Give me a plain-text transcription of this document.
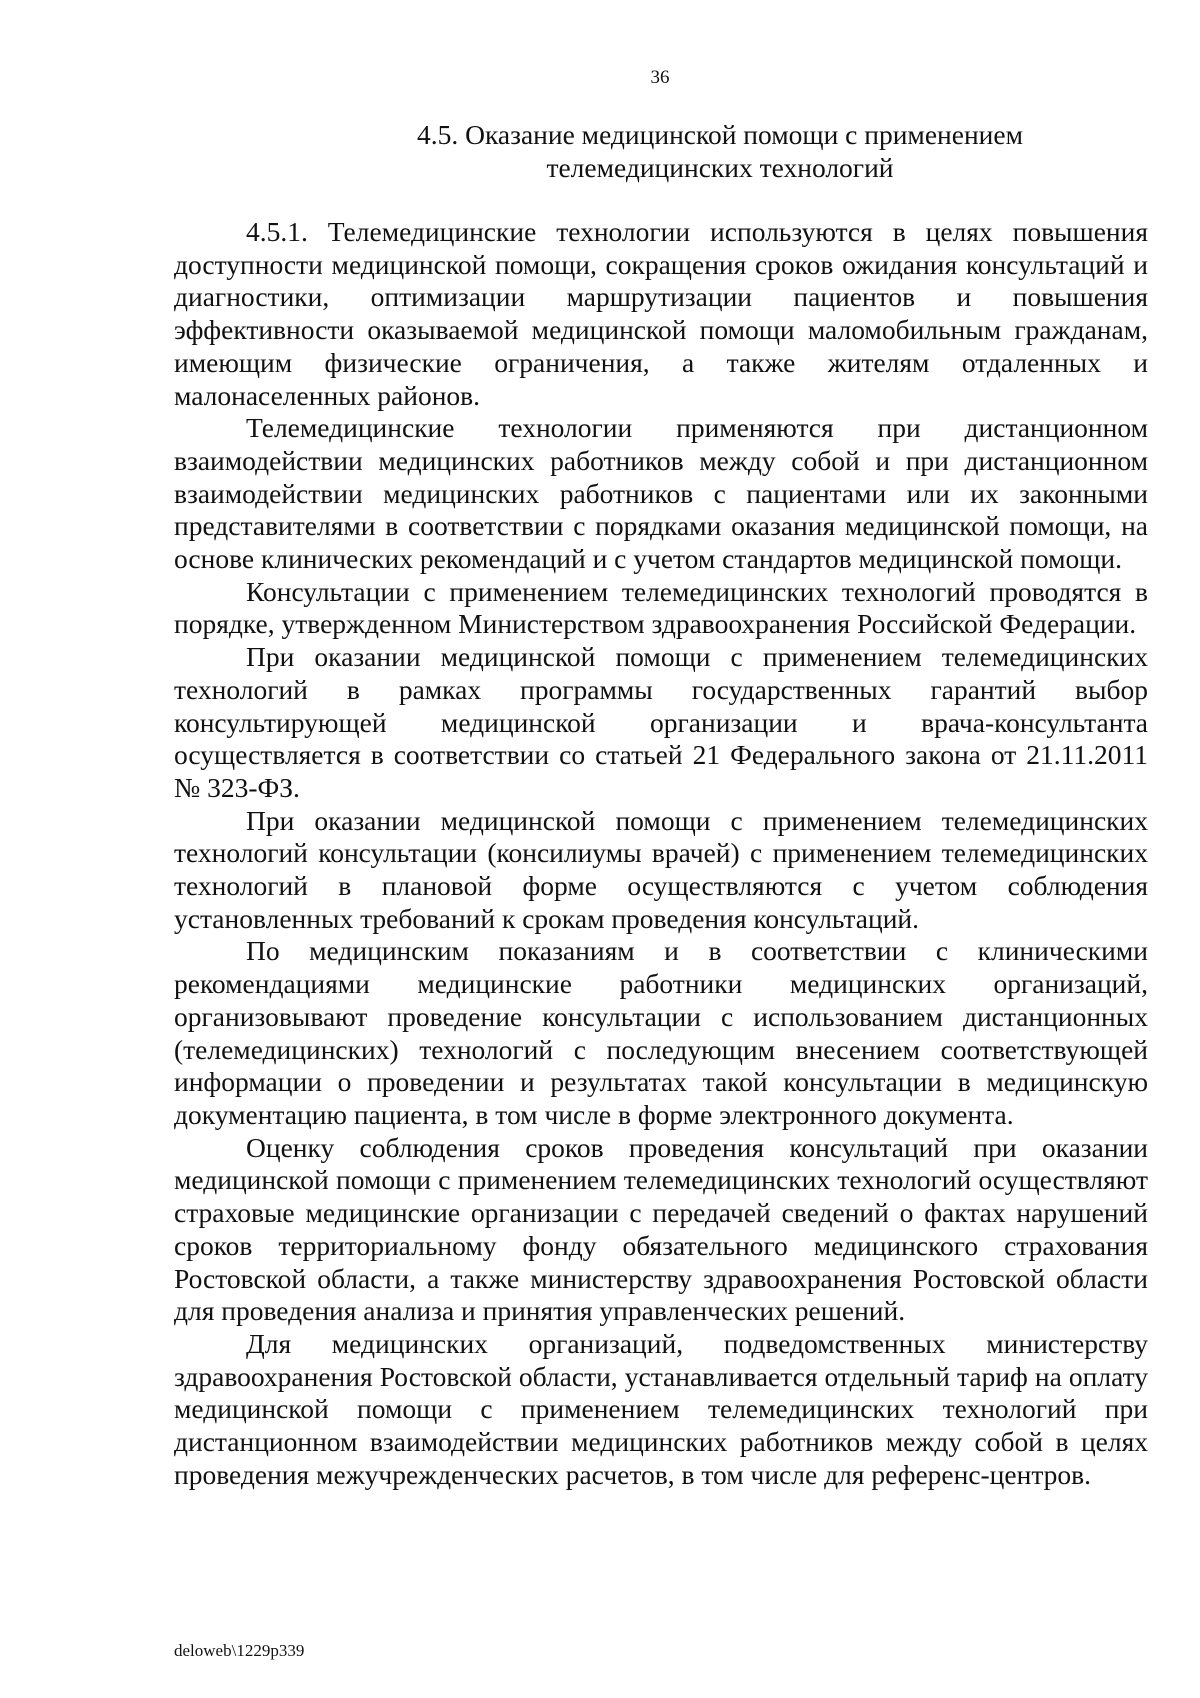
36
4.5. Оказание медицинской помощи с применением
телемедицинских технологий

4.5.1. Телемедицинские технологии используются в целях повышения доступности медицинской помощи, сокращения сроков ожидания консультаций и диагностики, оптимизации маршрутизации пациентов и повышения эффективности оказываемой медицинской помощи маломобильным гражданам, имеющим физические ограничения, а также жителям отдаленных и малонаселенных районов.

Телемедицинские технологии применяются при дистанционном взаимодействии медицинских работников между собой и при дистанционном взаимодействии медицинских работников с пациентами или их законными представителями в соответствии с порядками оказания медицинской помощи, на основе клинических рекомендаций и с учетом стандартов медицинской помощи.

Консультации с применением телемедицинских технологий проводятся в порядке, утвержденном Министерством здравоохранения Российской Федерации.

При оказании медицинской помощи с применением телемедицинских технологий в рамках программы государственных гарантий выбор консультирующей медицинской организации и врача-консультанта осуществляется в соответствии со статьей 21 Федерального закона от 21.11.2011 № 323-ФЗ.

При оказании медицинской помощи с применением телемедицинских технологий консультации (консилиумы врачей) с применением телемедицинских технологий в плановой форме осуществляются с учетом соблюдения установленных требований к срокам проведения консультаций.

По медицинским показаниям и в соответствии с клиническими рекомендациями медицинские работники медицинских организаций, организовывают проведение консультации с использованием дистанционных (телемедицинских) технологий с последующим внесением соответствующей информации о проведении и результатах такой консультации в медицинскую документацию пациента, в том числе в форме электронного документа.

Оценку соблюдения сроков проведения консультаций при оказании медицинской помощи с применением телемедицинских технологий осуществляют страховые медицинские организации с передачей сведений о фактах нарушений сроков территориальному фонду обязательного медицинского страхования Ростовской области, а также министерству здравоохранения Ростовской области для проведения анализа и принятия управленческих решений.

Для медицинских организаций, подведомственных министерству здравоохранения Ростовской области, устанавливается отдельный тариф на оплату медицинской помощи с применением телемедицинских технологий при дистанционном взаимодействии медицинских работников между собой в целях проведения межучрежденческих расчетов, в том числе для референс-центров.

deloweb\1229p339
